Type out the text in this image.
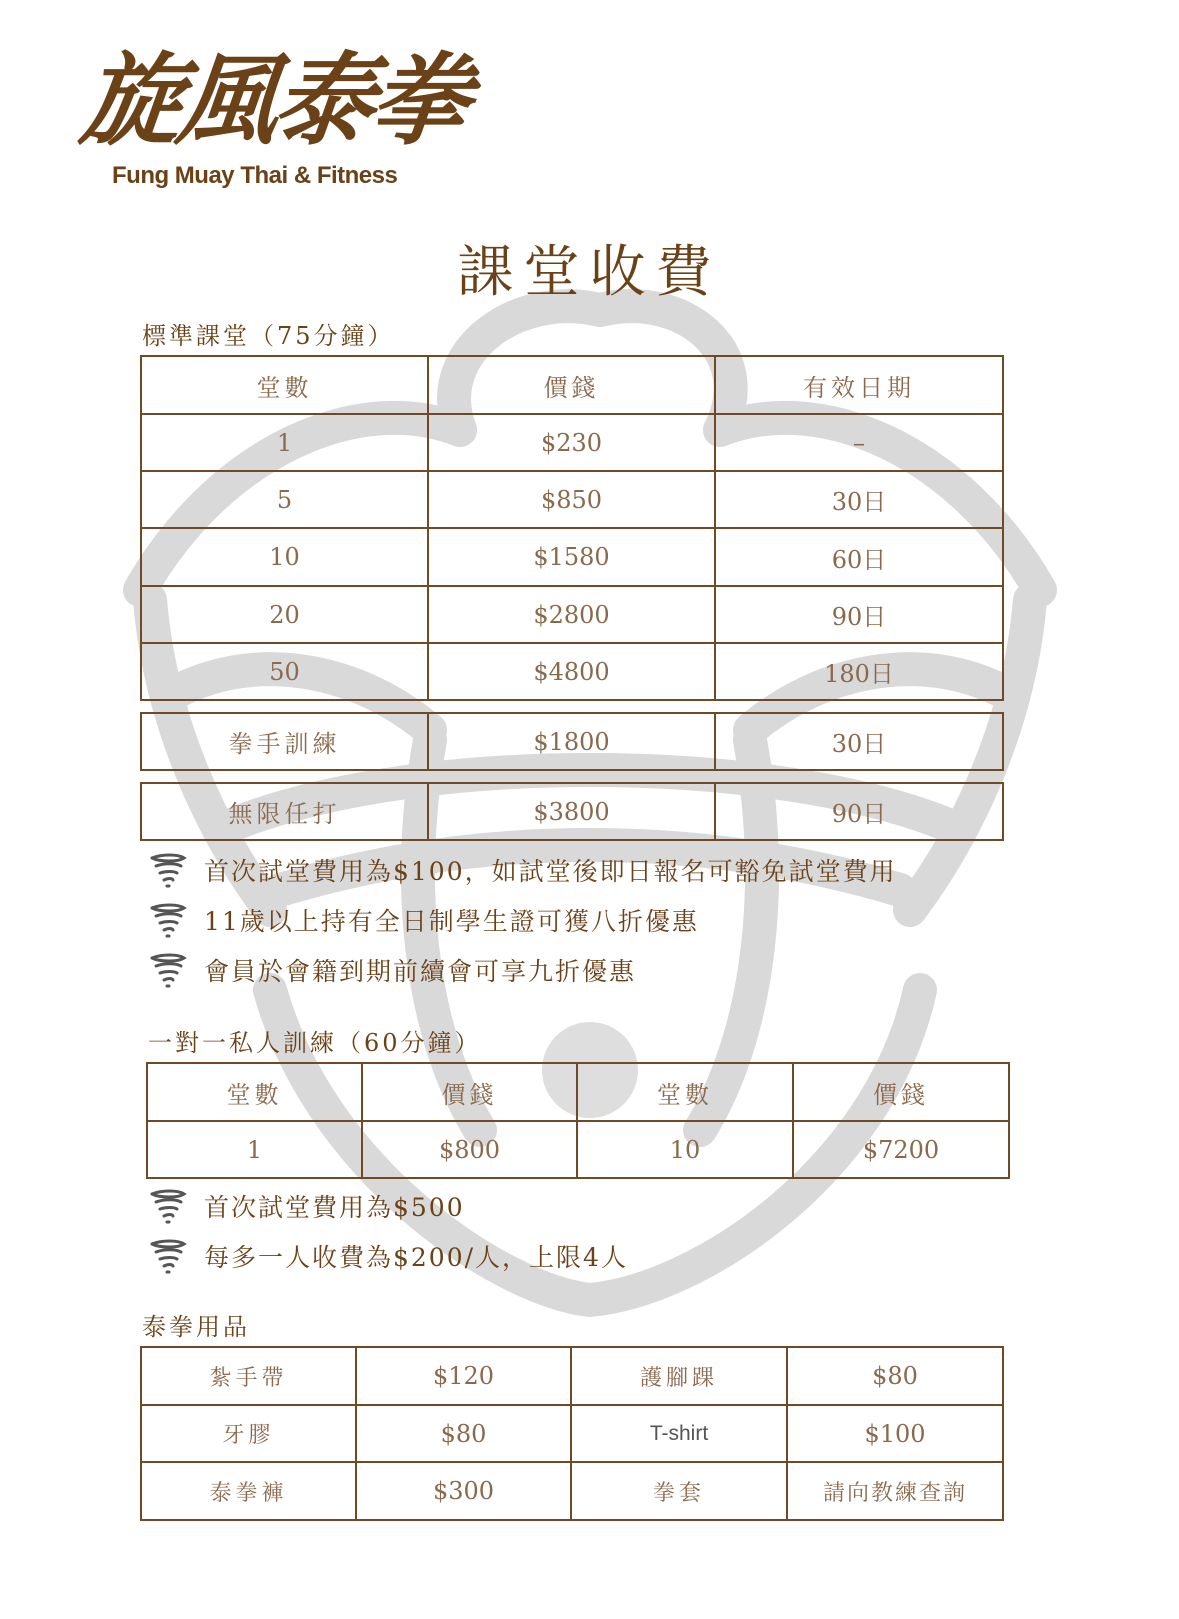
旋風泰拳
Fung Muay Thai & Fitness
課堂收費
標準課堂（75分鐘）
堂數	價錢	有效日期
1	$230	–
5	$850	30日
10	$1580	60日
20	$2800	90日
50	$4800	180日
拳手訓練	$1800	30日
無限任打	$3800	90日
首次試堂費用為$100，如試堂後即日報名可豁免試堂費用
11歲以上持有全日制學生證可獲八折優惠
會員於會籍到期前續會可享九折優惠
一對一私人訓練（60分鐘）
堂數	價錢	堂數	價錢
1	$800	10	$7200
首次試堂費用為$500
每多一人收費為$200/人，上限4人
泰拳用品
紮手帶	$120	護腳踝	$80
牙膠	$80	T-shirt	$100
泰拳褲	$300	拳套	請向教練查詢
